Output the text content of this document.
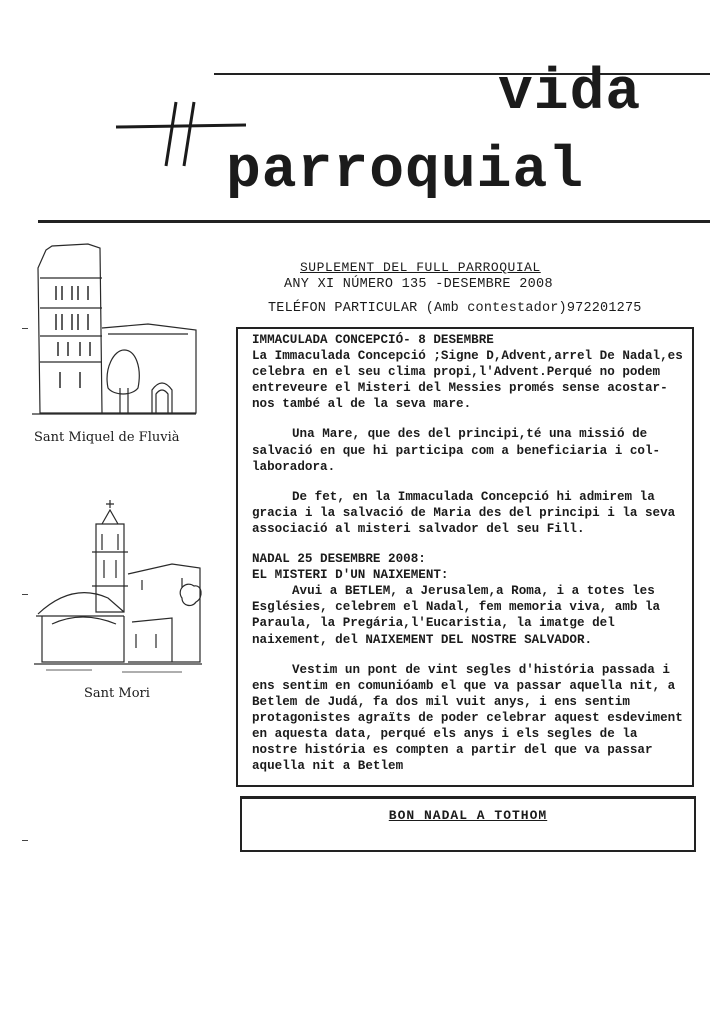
vida
parroquial
SUPLEMENT DEL FULL PARROQUIAL
ANY XI NÚMERO 135 -DESEMBRE 2008
TELÉFON PARTICULAR (Amb contestador)972201275
Sant Miquel de Fluvià
Sant Mori

IMMACULADA CONCEPCIÓ- 8 DESEMBRE

La Immaculada Concepció ;Signe D,Advent,arrel De Nadal,es celebra en el seu clima propi,l'Advent.Perqué no podem entreveure el Misteri del Messies promés sense acostar-nos també al de la seva mare.

Una Mare, que des del principi,té una missió de salvació en que hi participa com a beneficiaria i col-laboradora.

De fet, en la Immaculada Concepció hi admirem la gracia i la salvació de Maria des del principi i la seva associació al misteri salvador del seu Fill.

NADAL 25 DESEMBRE 2008:

EL MISTERI D'UN NAIXEMENT:

Avui a BETLEM, a Jerusalem,a Roma, i a totes les Esglésies, celebrem el Nadal, fem memoria viva, amb la Paraula, la Pregária,l'Eucaristia, la imatge del naixement, del NAIXEMENT DEL NOSTRE SALVADOR.

Vestim un pont de vint segles d'história passada i ens sentim en comunióamb el que va passar aquella nit, a Betlem de Judá, fa dos mil vuit anys, i ens sentim protagonistes agraïts de poder celebrar aquest esdeviment en aquesta data, perqué els anys i els segles de la nostre história es compten a partir del que va passar aquella nit a Betlem

BON NADAL A TOTHOM
